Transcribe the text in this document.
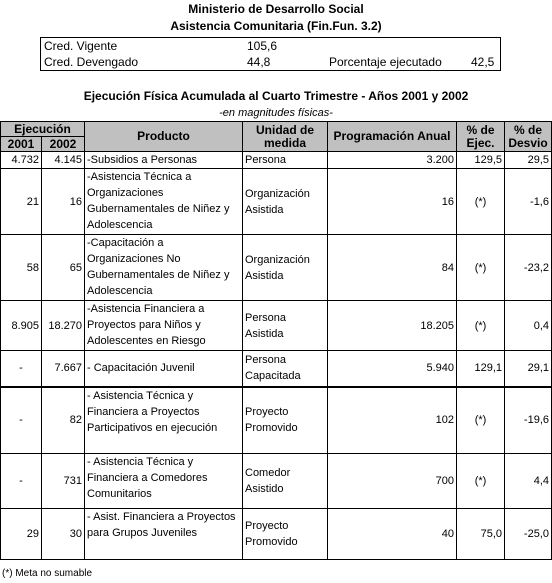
Ministerio de Desarrollo Social
Asistencia Comunitaria (Fin.Fun. 3.2)
Cred. Vigente	105,6
Cred. Devengado	44,8	Porcentaje ejecutado 42,5
Ejecución Física Acumulada al Cuarto Trimestre - Años 2001 y 2002
-en magnitudes físicas-
Ejecución		Producto	Unidad de medida	Programación Anual	% de Ejec.	% de Desvio
2001	2002					
4.732	4.145	-Subsidios a Personas	Persona	3.200	129,5	29,5
21	16	-Asistencia Técnica a Organizaciones Gubernamentales de Niñez y Adolescencia	Organización Asistida	16	(*)	-1,6
58	65	-Capacitación a Organizaciones No Gubernamentales de Niñez y Adolescencia	Organización Asistida	84	(*)	-23,2
8.905	18.270	-Asistencia Financiera a Proyectos para Niños y Adolescentes en Riesgo	Persona Asistida	18.205	(*)	0,4
-	7.667	- Capacitación Juvenil	Persona Capacitada	5.940	129,1	29,1
-	82	- Asistencia Técnica y Financiera a Proyectos Participativos en ejecución	Proyecto Promovido	102	(*)	-19,6
-	731	- Asistencia Técnica y Financiera a Comedores Comunitarios	Comedor Asistido	700	(*)	4,4
29	30	- Asist. Financiera a Proyectos para Grupos Juveniles	Proyecto Promovido	40	75,0	-25,0
(*) Meta no sumable
